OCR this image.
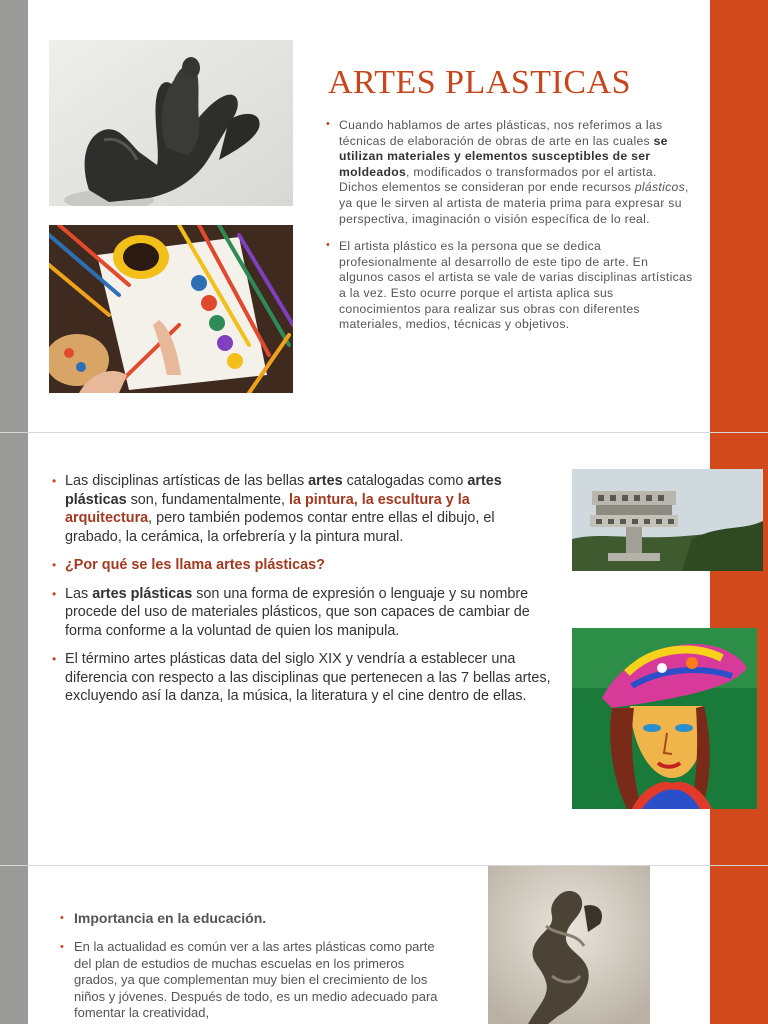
ARTES PLASTICAS
• Cuando hablamos de artes plásticas, nos referimos a las técnicas de elaboración de obras de arte en las cuales se utilizan materiales y elementos susceptibles de ser moldeados, modificados o transformados por el artista. Dichos elementos se consideran por ende recursos plásticos, ya que le sirven al artista de materia prima para expresar su perspectiva, imaginación o visión específica de lo real.
• El artista plástico es la persona que se dedica profesionalmente al desarrollo de este tipo de arte. En algunos casos el artista se vale de varias disciplinas artísticas a la vez. Esto ocurre porque el artista aplica sus conocimientos para realizar sus obras con diferentes materiales, medios, técnicas y objetivos.
• Las disciplinas artísticas de las bellas artes catalogadas como artes plásticas son, fundamentalmente, la pintura, la escultura y la arquitectura, pero también podemos contar entre ellas el dibujo, el grabado, la cerámica, la orfebrería y la pintura mural.
• ¿Por qué se les llama artes plásticas?
• Las artes plásticas son una forma de expresión o lenguaje y su nombre procede del uso de materiales plásticos, que son capaces de cambiar de forma conforme a la voluntad de quien los manipula.
• El término artes plásticas data del siglo XIX y vendría a establecer una diferencia con respecto a las disciplinas que pertenecen a las 7 bellas artes, excluyendo así la danza, la música, la literatura y el cine dentro de ellas.
• Importancia en la educación.
• En la actualidad es común ver a las artes plásticas como parte del plan de estudios de muchas escuelas en los primeros grados, ya que complementan muy bien el crecimiento de los niños y jóvenes. Después de todo, es un medio adecuado para fomentar la creatividad,
